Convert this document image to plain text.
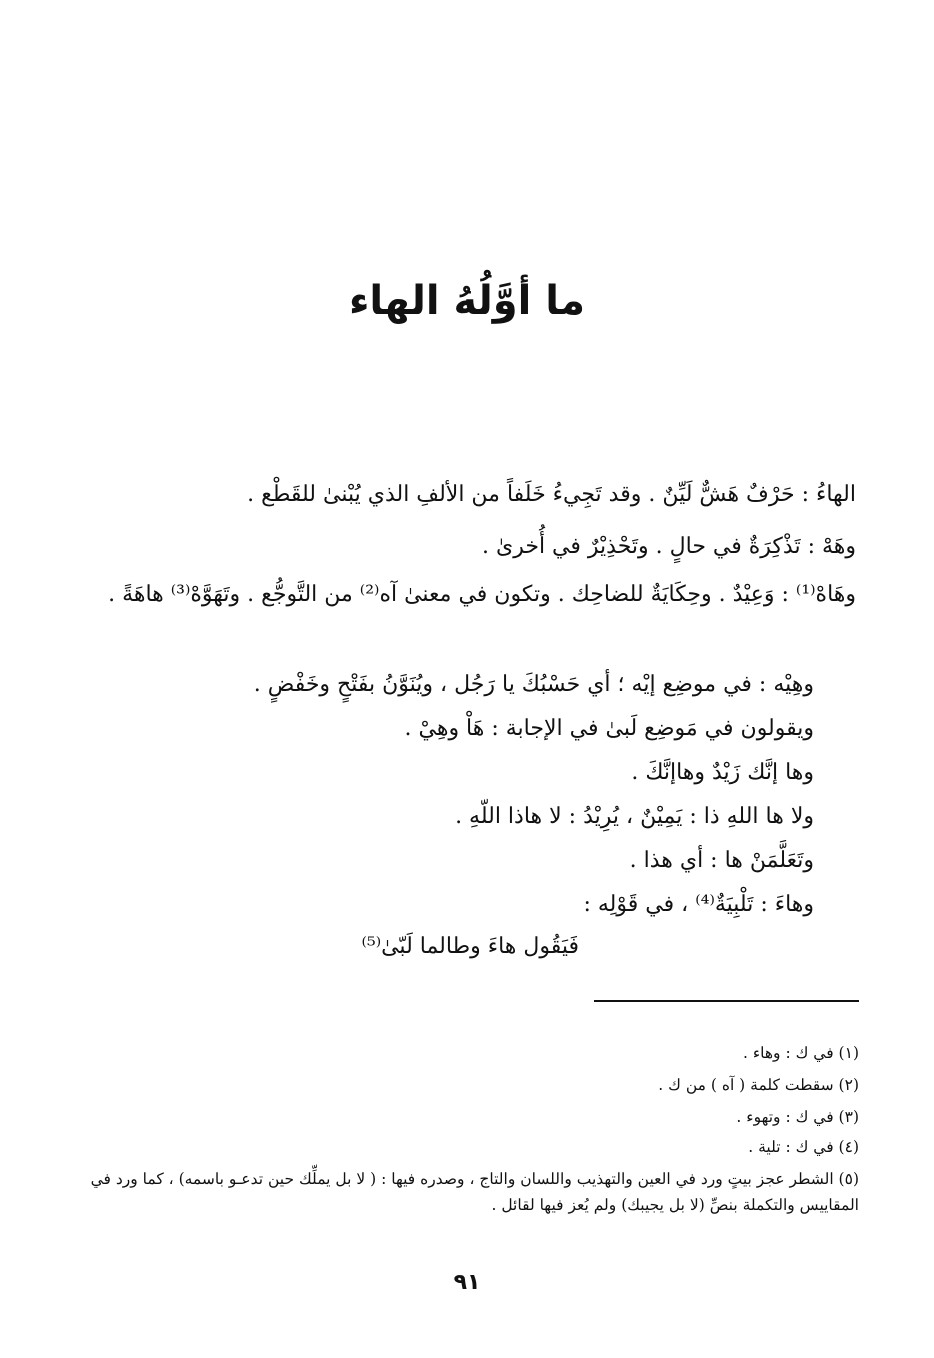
ما أوَّلُهُ الهاء
الهاءُ : حَرْفٌ هَشٌّ لَيِّنٌ . وقد تَجِيءُ خَلَفاً من الألفِ الذي يُبْنىٰ للقَطْع .
وهَهْ : تَذْكِرَةٌ في حالٍ . وتَحْذِيْرٌ في أُخرىٰ .
وهَاهْ⁽¹⁾ : وَعِيْدٌ . وحِكَايَةٌ للضاحِك . وتكون في معنىٰ آه⁽²⁾ من التَّوجُّع . وتَهَوَّهْ⁽³⁾ هاهَةً .
وهِيْه : في موضِع إيْه ؛ أي حَسْبُكَ يا رَجُل ، ويُنَوَّنُ بفَتْحٍ وخَفْضٍ .
ويقولون في مَوضِع لَبىٰ في الإجابة : هَاْ وهِيْ .
وها إنَّك زَيْدٌ وهاإنَّكَ .
ولا ها اللهِ ذا : يَمِيْنٌ ، يُرِيْدُ : لا هاذا اللّهِ .
وتَعَلَّمَنْ ها : أي هذا .
وهاءَ : تَلْبِيَةٌ⁽⁴⁾ ، في قَوْلِه :
فَيَقُول هاءَ وطالما لَبّىٰ⁽⁵⁾
(١) في ك : وهاء .
(٢) سقطت كلمة ( آه ) من ك .
(٣) في ك : وتهوء .
(٤) في ك : تلية .
(٥) الشطر عجز بيتٍ ورد في العين والتهذيب واللسان والتاج ، وصدره فيها : ( لا بل يملِّك حين تدعـو باسمه) ، كما ورد في المقاييس والتكملة بنصِّ (لا بل يجيبك) ولم يُعز فيها لقائل .
٩١
